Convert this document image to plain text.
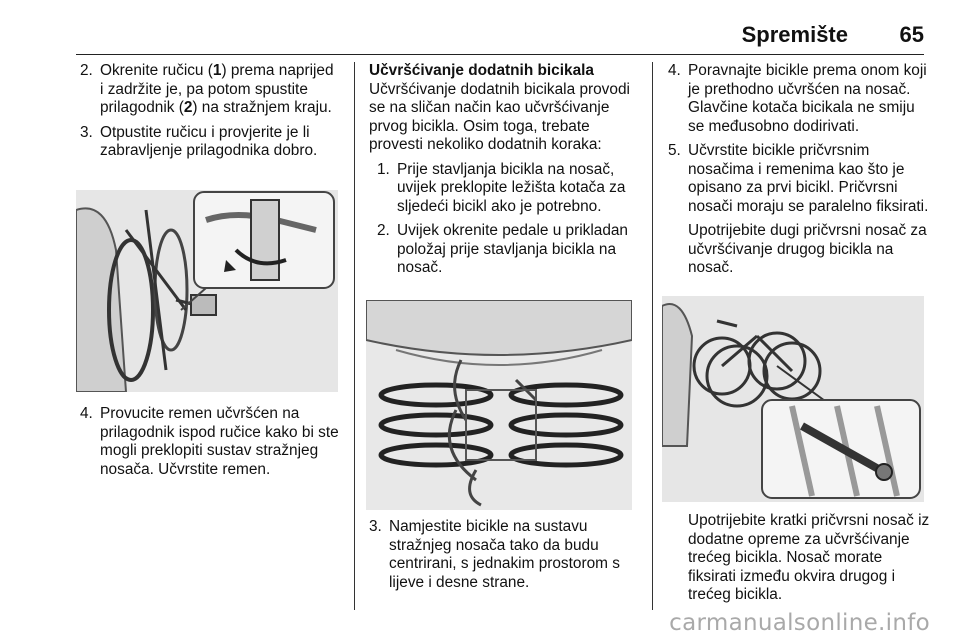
Spremište 65
2. Okrenite ručicu (1) prema naprijed i zadržite je, pa potom spustite prilagodnik (2) na stražnjem kraju.
3. Otpustite ručicu i provjerite je li zabravljenje prilagodnika dobro.
4. Provucite remen učvršćen na prilagodnik ispod ručice kako bi ste mogli preklopiti sustav stražnjeg nosača. Učvrstite remen.
Učvršćivanje dodatnih bicikala
Učvršćivanje dodatnih bicikala provodi se na sličan način kao učvršćivanje prvog bicikla. Osim toga, trebate provesti nekoliko dodatnih koraka:
1. Prije stavljanja bicikla na nosač, uvijek preklopite ležišta kotača za sljedeći bicikl ako je potrebno.
2. Uvijek okrenite pedale u prikladan položaj prije stavljanja bicikla na nosač.
3. Namjestite bicikle na sustavu stražnjeg nosača tako da budu centrirani, s jednakim prostorom s lijeve i desne strane.
4. Poravnajte bicikle prema onom koji je prethodno učvršćen na nosač. Glavčine kotača bicikala ne smiju se međusobno dodirivati.
5. Učvrstite bicikle pričvrsnim nosačima i remenima kao što je opisano za prvi bicikl. Pričvrsni nosači moraju se paralelno fiksirati.
Upotrijebite dugi pričvrsni nosač za učvršćivanje drugog bicikla na nosač.
Upotrijebite kratki pričvrsni nosač iz dodatne opreme za učvršćivanje trećeg bicikla. Nosač morate fiksirati između okvira drugog i trećeg bicikla.
carmanualsonline.info
